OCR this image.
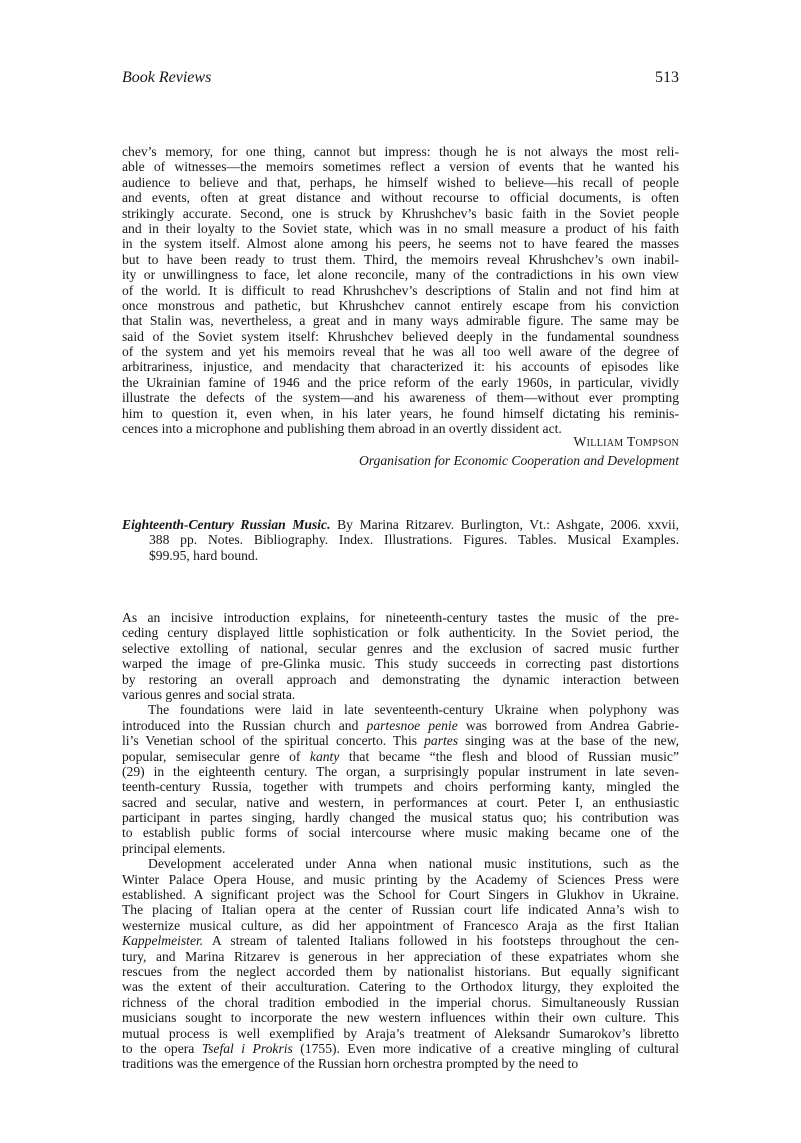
Book Reviews	513
chev’s memory, for one thing, cannot but impress: though he is not always the most reli-
able of witnesses—the memoirs sometimes reflect a version of events that he wanted his
audience to believe and that, perhaps, he himself wished to believe—his recall of people
and events, often at great distance and without recourse to official documents, is often
strikingly accurate. Second, one is struck by Khrushchev’s basic faith in the Soviet people
and in their loyalty to the Soviet state, which was in no small measure a product of his faith
in the system itself. Almost alone among his peers, he seems not to have feared the masses
but to have been ready to trust them. Third, the memoirs reveal Khrushchev’s own inabil-
ity or unwillingness to face, let alone reconcile, many of the contradictions in his own view
of the world. It is difficult to read Khrushchev’s descriptions of Stalin and not find him at
once monstrous and pathetic, but Khrushchev cannot entirely escape from his conviction
that Stalin was, nevertheless, a great and in many ways admirable figure. The same may be
said of the Soviet system itself: Khrushchev believed deeply in the fundamental soundness
of the system and yet his memoirs reveal that he was all too well aware of the degree of
arbitrariness, injustice, and mendacity that characterized it: his accounts of episodes like
the Ukrainian famine of 1946 and the price reform of the early 1960s, in particular, vividly
illustrate the defects of the system—and his awareness of them—without ever prompting
him to question it, even when, in his later years, he found himself dictating his reminis-
cences into a microphone and publishing them abroad in an overtly dissident act.
William Tompson
Organisation for Economic Cooperation and Development
Eighteenth-Century Russian Music. By Marina Ritzarev. Burlington, Vt.: Ashgate, 2006. xxvii,
388 pp. Notes. Bibliography. Index. Illustrations. Figures. Tables. Musical Examples.
$99.95, hard bound.
As an incisive introduction explains, for nineteenth-century tastes the music of the pre-
ceding century displayed little sophistication or folk authenticity. In the Soviet period, the
selective extolling of national, secular genres and the exclusion of sacred music further
warped the image of pre-Glinka music. This study succeeds in correcting past distortions
by restoring an overall approach and demonstrating the dynamic interaction between
various genres and social strata.
The foundations were laid in late seventeenth-century Ukraine when polyphony was
introduced into the Russian church and partesnoe penie was borrowed from Andrea Gabrie-
li’s Venetian school of the spiritual concerto. This partes singing was at the base of the new,
popular, semisecular genre of kanty that became “the flesh and blood of Russian music”
(29) in the eighteenth century. The organ, a surprisingly popular instrument in late seven-
teenth-century Russia, together with trumpets and choirs performing kanty, mingled the
sacred and secular, native and western, in performances at court. Peter I, an enthusiastic
participant in partes singing, hardly changed the musical status quo; his contribution was
to establish public forms of social intercourse where music making became one of the
principal elements.
Development accelerated under Anna when national music institutions, such as the
Winter Palace Opera House, and music printing by the Academy of Sciences Press were
established. A significant project was the School for Court Singers in Glukhov in Ukraine.
The placing of Italian opera at the center of Russian court life indicated Anna’s wish to
westernize musical culture, as did her appointment of Francesco Araja as the first Italian
Kappelmeister. A stream of talented Italians followed in his footsteps throughout the cen-
tury, and Marina Ritzarev is generous in her appreciation of these expatriates whom she
rescues from the neglect accorded them by nationalist historians. But equally significant
was the extent of their acculturation. Catering to the Orthodox liturgy, they exploited the
richness of the choral tradition embodied in the imperial chorus. Simultaneously Russian
musicians sought to incorporate the new western influences within their own culture. This
mutual process is well exemplified by Araja’s treatment of Aleksandr Sumarokov’s libretto
to the opera Tsefal i Prokris (1755). Even more indicative of a creative mingling of cultural
traditions was the emergence of the Russian horn orchestra prompted by the need to
